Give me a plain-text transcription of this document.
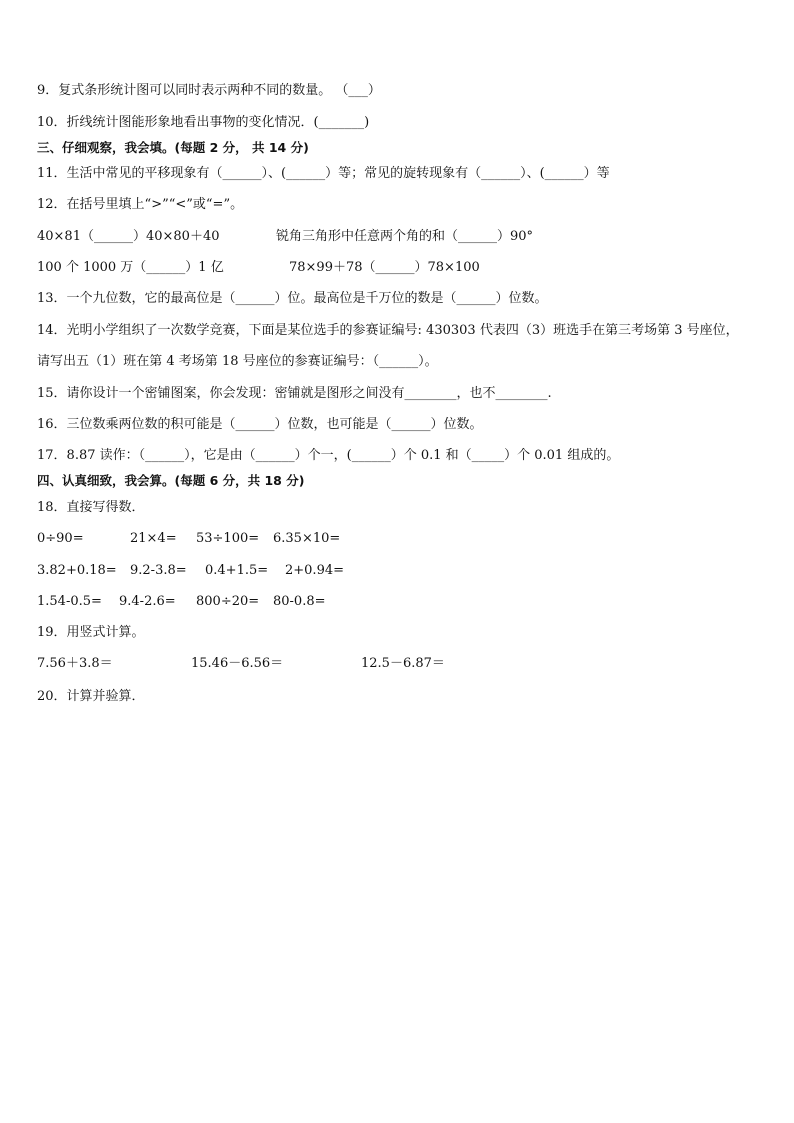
9．复式条形统计图可以同时表示两种不同的数量。 （___）
10．折线统计图能形象地看出事物的变化情况．(_______)
三、仔细观察，我会填。(每题 2 分， 共 14 分)
11．生活中常见的平移现象有（______）、(______）等；常见的旋转现象有（______）、(______）等
12．在括号里填上“>”“<”或“=”。
40×81（______）40×80＋40	锐角三角形中任意两个角的和（______）90°
100 个 1000 万（______）1 亿	78×99＋78（______）78×100
13．一个九位数，它的最高位是（______）位。最高位是千万位的数是（______）位数。
14．光明小学组织了一次数学竞赛，下面是某位选手的参赛证编号: 430303 代表四（3）班选手在第三考场第 3 号座位，
请写出五（1）班在第 4 考场第 18 号座位的参赛证编号：（______）。
15．请你设计一个密铺图案，你会发现：密铺就是图形之间没有________，也不________.
16．三位数乘两位数的积可能是（______）位数，也可能是（______）位数。
17．8.87 读作：（______），它是由（______）个一，(______）个 0.1 和（_____）个 0.01 组成的。
四、认真细致，我会算。(每题 6 分，共 18 分)
18．直接写得数．
0÷90=	21×4= 53÷100= 6.35×10=
3.82+0.18= 9.2-3.8= 0.4+1.5= 2+0.94=
1.54-0.5= 9.4-2.6= 800÷20= 80-0.8=
19．用竖式计算。
7.56＋3.8＝	15.46－6.56＝	12.5－6.87＝
20．计算并验算．
